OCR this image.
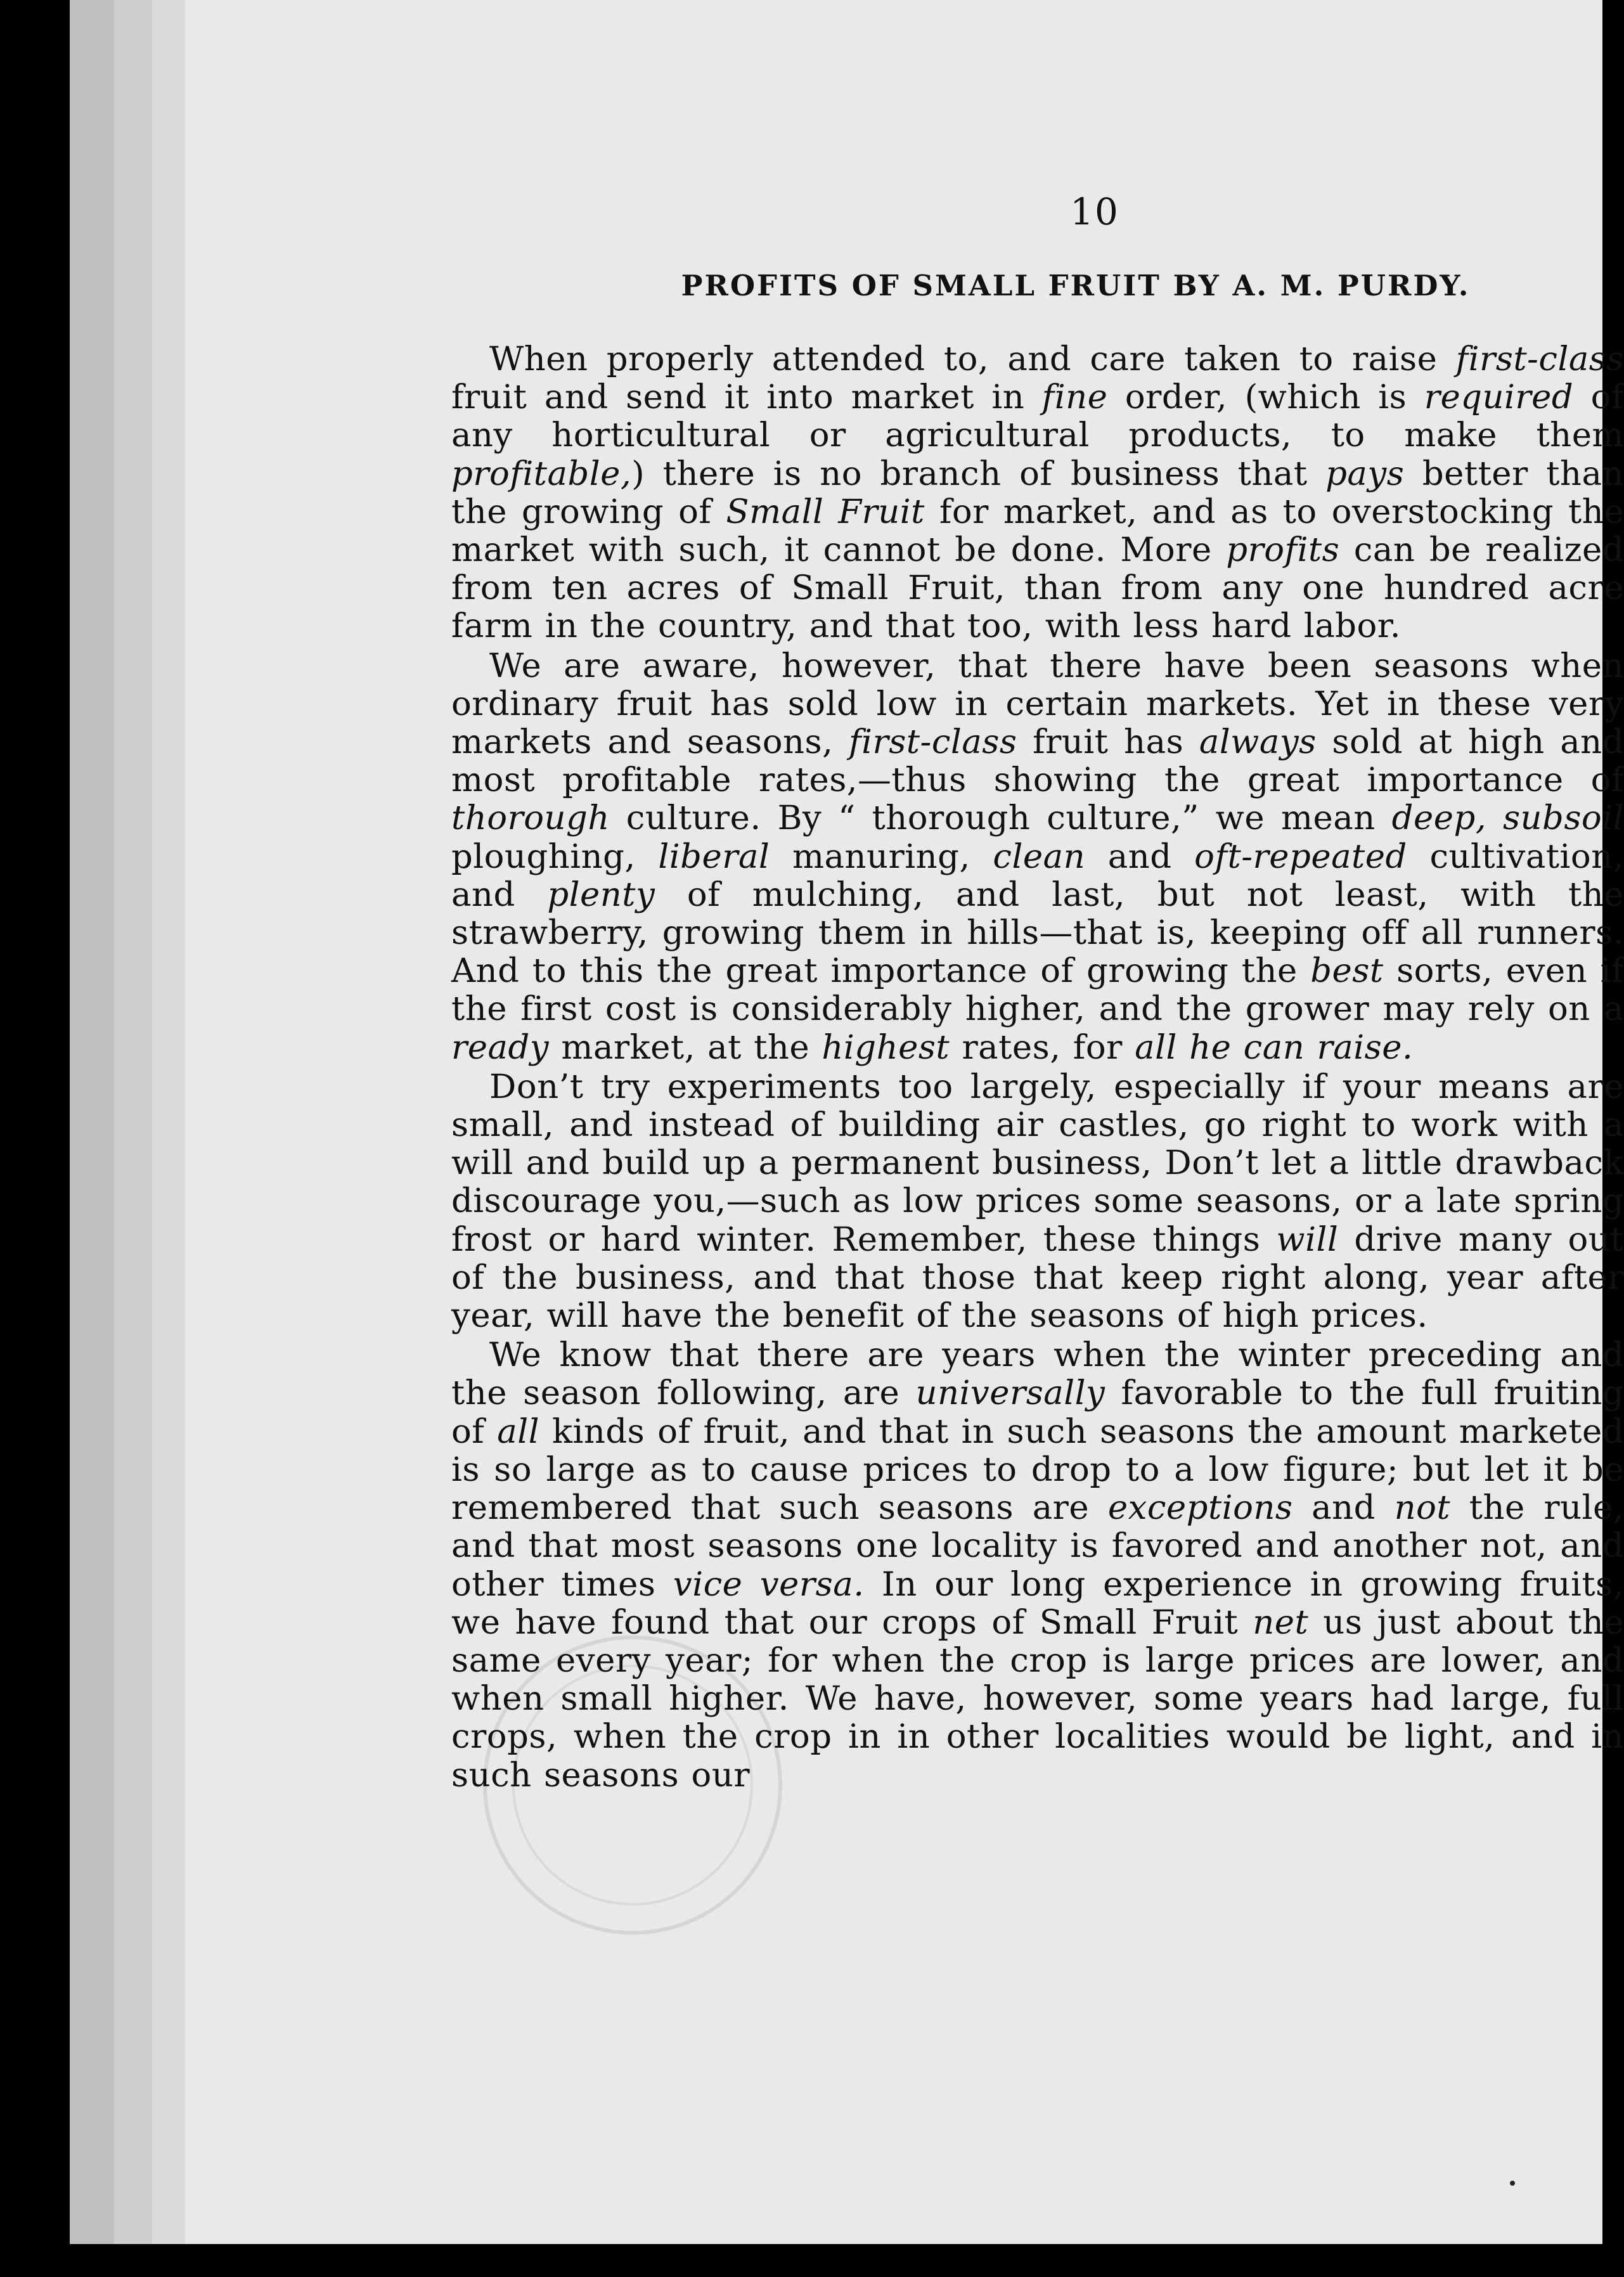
10
PROFITS OF SMALL FRUIT BY A. M. PURDY.

When properly attended to, and care taken to raise first-class fruit and send it into market in fine order, (which is required of any horticultural or agricultural products, to make them profitable,) there is no branch of business that pays better than the growing of Small Fruit for market, and as to overstocking the market with such, it cannot be done. More profits can be realized from ten acres of Small Fruit, than from any one hundred acre farm in the country, and that too, with less hard labor.

We are aware, however, that there have been seasons when ordinary fruit has sold low in certain markets. Yet in these very markets and seasons, first-class fruit has always sold at high and most profitable rates,—thus showing the great importance of thorough culture. By “ thorough culture,” we mean deep, subsoil ploughing, liberal manuring, clean and oft-repeated cultivation, and plenty of mulching, and last, but not least, with the strawberry, growing them in hills—that is, keeping off all runners. And to this the great importance of growing the best sorts, even if the first cost is considerably higher, and the grower may rely on a ready market, at the highest rates, for all he can raise.

Don’t try experiments too largely, especially if your means are small, and instead of building air castles, go right to work with a will and build up a permanent business, Don’t let a little drawback discourage you,—such as low prices some seasons, or a late spring frost or hard winter. Remember, these things will drive many out of the business, and that those that keep right along, year after year, will have the benefit of the seasons of high prices.

We know that there are years when the winter preceding and the season following, are universally favorable to the full fruiting of all kinds of fruit, and that in such seasons the amount marketed is so large as to cause prices to drop to a low figure; but let it be remembered that such seasons are exceptions and not the rule, and that most seasons one locality is favored and another not, and other times vice versa. In our long experience in growing fruits, we have found that our crops of Small Fruit net us just about the same every year; for when the crop is large prices are lower, and when small higher. We have, however, some years had large, full crops, when the crop in in other localities would be light, and in such seasons our
